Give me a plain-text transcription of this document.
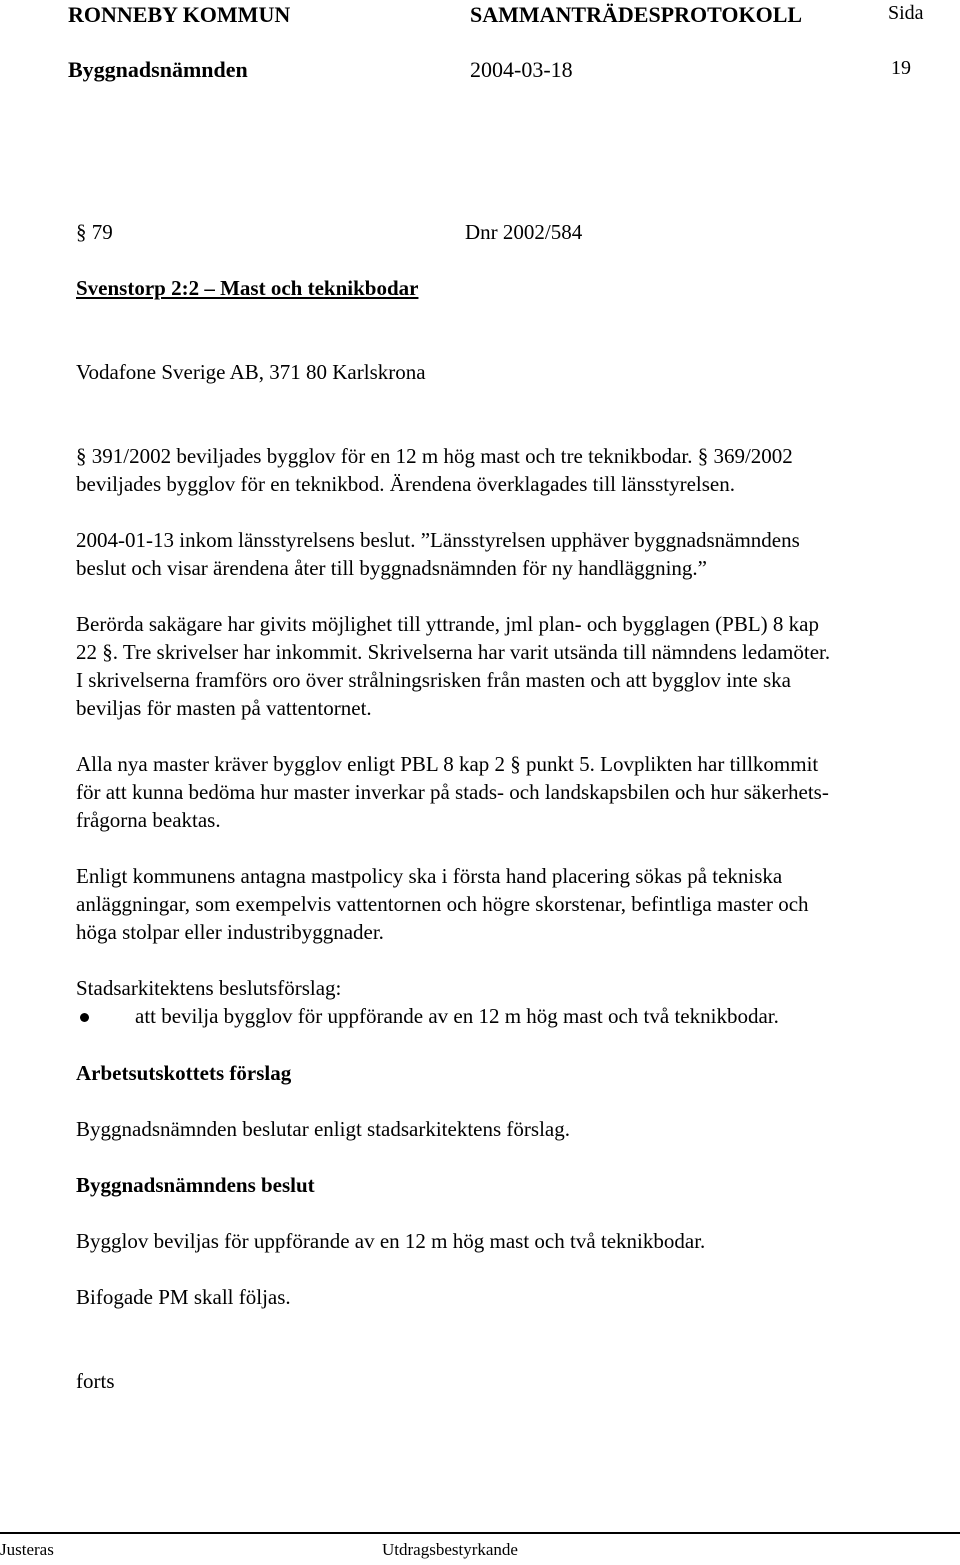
RONNEBY KOMMUN	SAMMANTRÄDESPROTOKOLL	Sida
Byggnadsnämnden	2004-03-18	19
§ 79	Dnr 2002/584
Svenstorp 2:2 – Mast och teknikbodar
Vodafone Sverige AB, 371 80 Karlskrona
§ 391/2002 beviljades bygglov för en 12 m hög mast och tre teknikbodar. § 369/2002
beviljades bygglov för en teknikbod. Ärendena överklagades till länsstyrelsen.
2004-01-13 inkom länsstyrelsens beslut. ”Länsstyrelsen upphäver byggnadsnämndens
beslut och visar ärendena åter till byggnadsnämnden för ny handläggning.”
Berörda sakägare har givits möjlighet till yttrande, jml plan- och bygglagen (PBL) 8 kap
22 §. Tre skrivelser har inkommit. Skrivelserna har varit utsända till nämndens ledamöter.
I skrivelserna framförs oro över strålningsrisken från masten och att bygglov inte ska
beviljas för masten på vattentornet.
Alla nya master kräver bygglov enligt PBL 8 kap 2 § punkt 5. Lovplikten har tillkommit
för att kunna bedöma hur master inverkar på stads- och landskapsbilen och hur säkerhets-
frågorna beaktas.
Enligt kommunens antagna mastpolicy ska i första hand placering sökas på tekniska
anläggningar, som exempelvis vattentornen och högre skorstenar, befintliga master och
höga stolpar eller industribyggnader.
Stadsarkitektens beslutsförslag:
att bevilja bygglov för uppförande av en 12 m hög mast och två teknikbodar.
Arbetsutskottets förslag
Byggnadsnämnden beslutar enligt stadsarkitektens förslag.
Byggnadsnämndens beslut
Bygglov beviljas för uppförande av en 12 m hög mast och två teknikbodar.
Bifogade PM skall följas.
forts
Justeras	Utdragsbestyrkande
